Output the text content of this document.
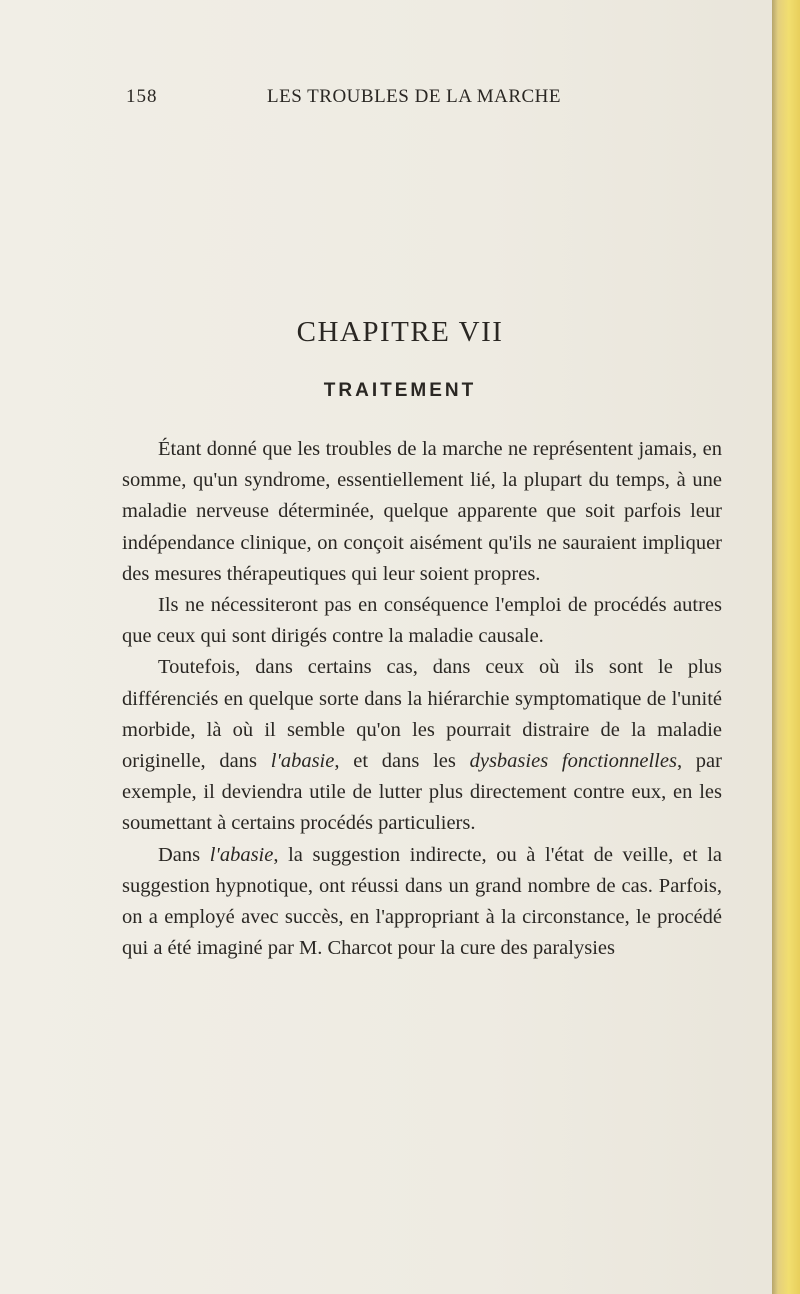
158	LES TROUBLES DE LA MARCHE
CHAPITRE VII
TRAITEMENT

Étant donné que les troubles de la marche ne représentent jamais, en somme, qu'un syndrome, essentiellement lié, la plupart du temps, à une maladie nerveuse déterminée, quelque apparente que soit parfois leur indépendance clinique, on conçoit aisément qu'ils ne sauraient impliquer des mesures thérapeutiques qui leur soient propres.

Ils ne nécessiteront pas en conséquence l'emploi de procédés autres que ceux qui sont dirigés contre la maladie causale.

Toutefois, dans certains cas, dans ceux où ils sont le plus différenciés en quelque sorte dans la hiérarchie symptomatique de l'unité morbide, là où il semble qu'on les pourrait distraire de la maladie originelle, dans l'abasie, et dans les dysbasies fonctionnelles, par exemple, il deviendra utile de lutter plus directement contre eux, en les soumettant à certains procédés particuliers.

Dans l'abasie, la suggestion indirecte, ou à l'état de veille, et la suggestion hypnotique, ont réussi dans un grand nombre de cas. Parfois, on a employé avec succès, en l'appropriant à la circonstance, le procédé qui a été imaginé par M. Charcot pour la cure des paralysies
